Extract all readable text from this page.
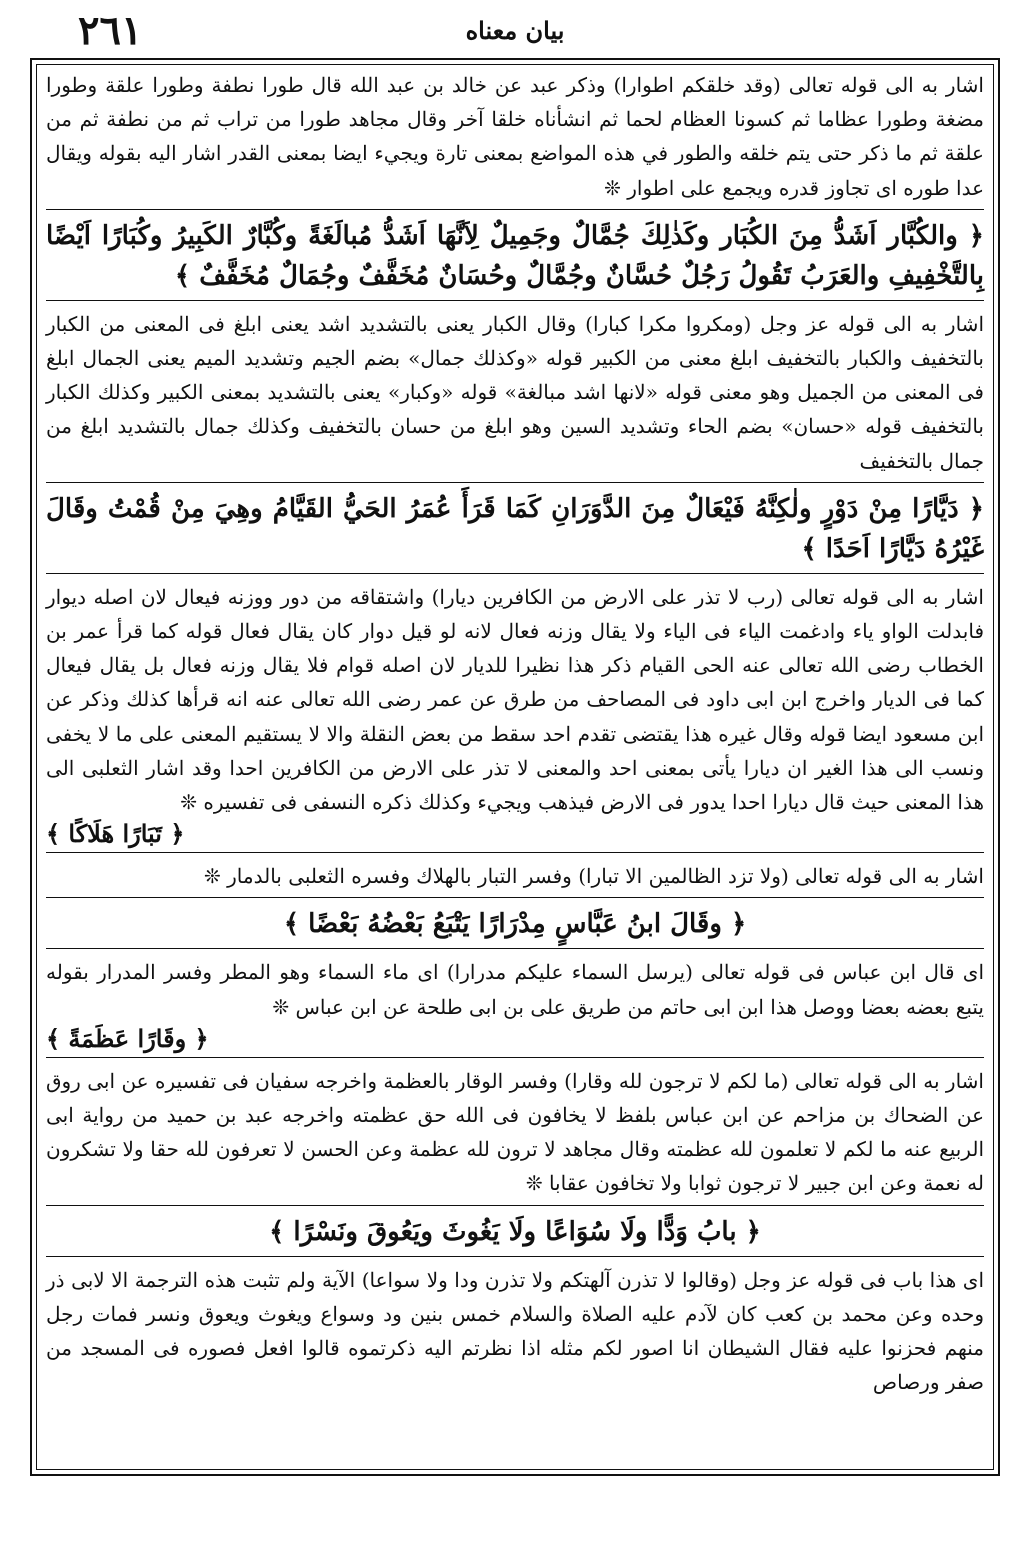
٢٦١	بيان معناه

اشار به الى قوله تعالى (وقد خلقكم اطوارا) وذكر عبد عن خالد بن عبد الله قال طورا نطفة وطورا علقة وطورا مضغة وطورا عظاما ثم كسونا العظام لحما ثم انشأناه خلقا آخر وقال مجاهد طورا من تراب ثم من نطفة ثم من علقة ثم ما ذكر حتى يتم خلقه والطور في هذه المواضع بمعنى تارة ويجيء ايضا بمعنى القدر اشار اليه بقوله ويقال عدا طوره اى تجاوز قدره ويجمع على اطوار ❊

﴿ والكُبَّار اَشَدُّ مِنَ الكُبَار وكَذٰلِكَ جُمَّالٌ وجَمِيلٌ لِاَنَّهَا اَشَدُّ مُبالَغَةً وكُبَّارٌ الكَبِيرُ وكُبَارًا اَيْضًا بِالتَّخْفِيفِ والعَرَبُ تَقُولُ رَجُلٌ حُسَّانٌ وجُمَّالٌ وحُسَانٌ مُخَفَّفٌ وجُمَالٌ مُخَفَّفٌ ﴾

اشار به الى قوله عز وجل (ومكروا مكرا كبارا) وقال الكبار يعنى بالتشديد اشد يعنى ابلغ فى المعنى من الكبار بالتخفيف والكبار بالتخفيف ابلغ معنى من الكبير قوله «وكذلك جمال» بضم الجيم وتشديد الميم يعنى الجمال ابلغ فى المعنى من الجميل وهو معنى قوله «لانها اشد مبالغة» قوله «وكبار» يعنى بالتشديد بمعنى الكبير وكذلك الكبار بالتخفيف قوله «حسان» بضم الحاء وتشديد السين وهو ابلغ من حسان بالتخفيف وكذلك جمال بالتشديد ابلغ من جمال بالتخفيف

﴿ دَيَّارًا مِنْ دَوْرٍ ولٰكِنَّهُ فَيْعَالٌ مِنَ الدَّوَرَانِ كَمَا قَرَأَ عُمَرُ الحَيُّ القَيَّامُ وهِيَ مِنْ قُمْتُ وقَالَ غَيْرُهُ دَيَّارًا اَحَدًا ﴾

اشار به الى قوله تعالى (رب لا تذر على الارض من الكافرين ديارا) واشتقاقه من دور ووزنه فيعال لان اصله ديوار فابدلت الواو ياء وادغمت الياء فى الياء ولا يقال وزنه فعال لانه لو قيل دوار كان يقال فعال قوله كما قرأ عمر بن الخطاب رضى الله تعالى عنه الحى القيام ذكر هذا نظيرا للديار لان اصله قوام فلا يقال وزنه فعال بل يقال فيعال كما فى الديار واخرج ابن ابى داود فى المصاحف من طرق عن عمر رضى الله تعالى عنه انه قرأها كذلك وذكر عن ابن مسعود ايضا قوله وقال غيره هذا يقتضى تقدم احد سقط من بعض النقلة والا لا يستقيم المعنى على ما لا يخفى ونسب الى هذا الغير ان ديارا يأتى بمعنى احد والمعنى لا تذر على الارض من الكافرين احدا وقد اشار الثعلبى الى هذا المعنى حيث قال ديارا احدا يدور فى الارض فيذهب ويجيء وكذلك ذكره النسفى فى تفسيره ❊

﴿ تَبَارًا هَلَاكًا ﴾

اشار به الى قوله تعالى (ولا تزد الظالمين الا تبارا) وفسر التبار بالهلاك وفسره الثعلبى بالدمار ❊

﴿ وقَالَ ابنُ عَبَّاسٍ مِدْرَارًا يَتْبَعُ بَعْضُهُ بَعْضًا ﴾

اى قال ابن عباس فى قوله تعالى (يرسل السماء عليكم مدرارا) اى ماء السماء وهو المطر وفسر المدرار بقوله يتبع بعضه بعضا ووصل هذا ابن ابى حاتم من طريق على بن ابى طلحة عن ابن عباس ❊

﴿ وقَارًا عَظَمَةً ﴾

اشار به الى قوله تعالى (ما لكم لا ترجون لله وقارا) وفسر الوقار بالعظمة واخرجه سفيان فى تفسيره عن ابى روق عن الضحاك بن مزاحم عن ابن عباس بلفظ لا يخافون فى الله حق عظمته واخرجه عبد بن حميد من رواية ابى الربيع عنه ما لكم لا تعلمون لله عظمته وقال مجاهد لا ترون لله عظمة وعن الحسن لا تعرفون لله حقا ولا تشكرون له نعمة وعن ابن جبير لا ترجون ثوابا ولا تخافون عقابا ❊

﴿ بابُ وَدًّا ولَا سُوَاعًا ولَا يَغُوثَ ويَعُوقَ ونَسْرًا ﴾

اى هذا باب فى قوله عز وجل (وقالوا لا تذرن آلهتكم ولا تذرن ودا ولا سواعا) الآية ولم تثبت هذه الترجمة الا لابى ذر وحده وعن محمد بن كعب كان لآدم عليه الصلاة والسلام خمس بنين ود وسواع ويغوث ويعوق ونسر فمات رجل منهم فحزنوا عليه فقال الشيطان انا اصور لكم مثله اذا نظرتم اليه ذكرتموه قالوا افعل فصوره فى المسجد من صفر ورصاص
